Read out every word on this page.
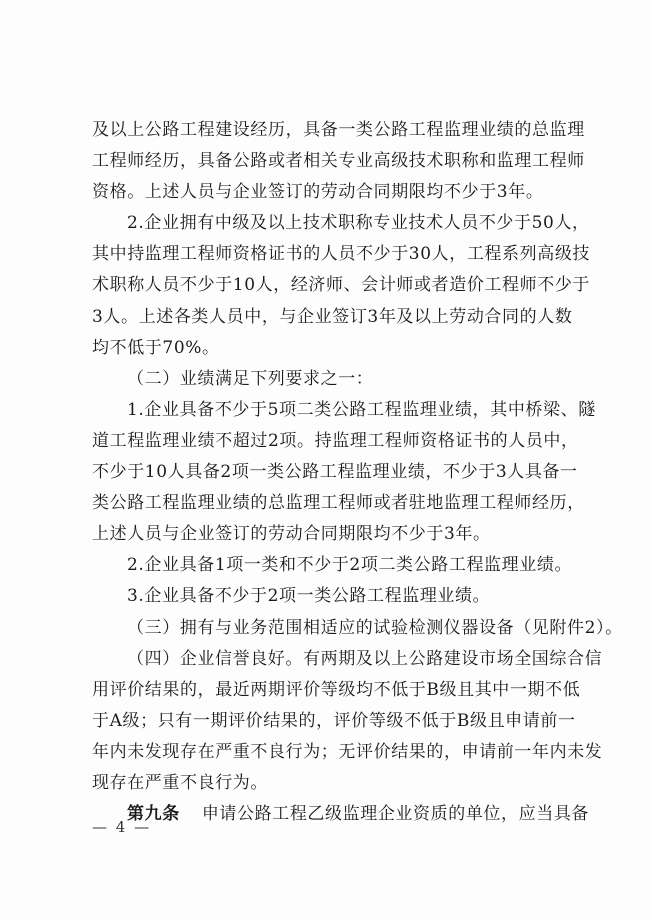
及以上公路工程建设经历，具备一类公路工程监理业绩的总监理
工程师经历，具备公路或者相关专业高级技术职称和监理工程师
资格。上述人员与企业签订的劳动合同期限均不少于3年。
2.企业拥有中级及以上技术职称专业技术人员不少于50人，
其中持监理工程师资格证书的人员不少于30人，工程系列高级技
术职称人员不少于10人，经济师、会计师或者造价工程师不少于
3人。上述各类人员中，与企业签订3年及以上劳动合同的人数
均不低于70%。
（二）业绩满足下列要求之一：
1.企业具备不少于5项二类公路工程监理业绩，其中桥梁、隧
道工程监理业绩不超过2项。持监理工程师资格证书的人员中，
不少于10人具备2项一类公路工程监理业绩，不少于3人具备一
类公路工程监理业绩的总监理工程师或者驻地监理工程师经历，
上述人员与企业签订的劳动合同期限均不少于3年。
2.企业具备1项一类和不少于2项二类公路工程监理业绩。
3.企业具备不少于2项一类公路工程监理业绩。
（三）拥有与业务范围相适应的试验检测仪器设备（见附件2）。
（四）企业信誉良好。有两期及以上公路建设市场全国综合信
用评价结果的，最近两期评价等级均不低于B级且其中一期不低
于A级；只有一期评价结果的，评价等级不低于B级且申请前一
年内未发现存在严重不良行为；无评价结果的，申请前一年内未发
现存在严重不良行为。
第九条 申请公路工程乙级监理企业资质的单位，应当具备
— 4 —
